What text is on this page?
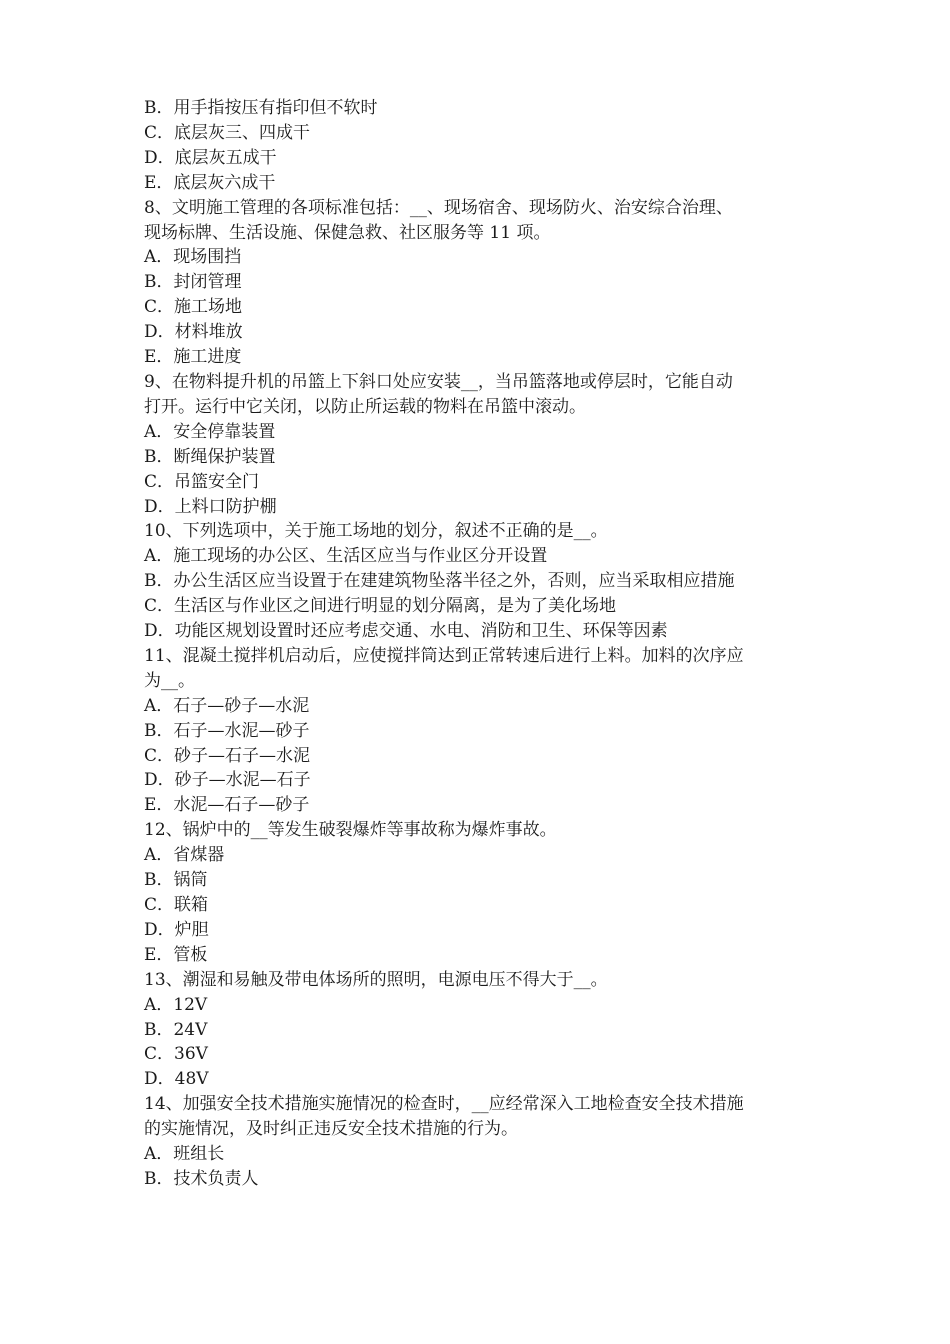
B．用手指按压有指印但不软时

C．底层灰三、四成干

D．底层灰五成干

E．底层灰六成干

8、文明施工管理的各项标准包括：__、现场宿舍、现场防火、治安综合治理、

现场标牌、生活设施、保健急救、社区服务等 11 项。

A．现场围挡

B．封闭管理

C．施工场地

D．材料堆放

E．施工进度

9、在物料提升机的吊篮上下斜口处应安装__，当吊篮落地或停层时，它能自动

打开。运行中它关闭，以防止所运载的物料在吊篮中滚动。

A．安全停靠装置

B．断绳保护装置

C．吊篮安全门

D．上料口防护棚

10、下列选项中，关于施工场地的划分，叙述不正确的是__。

A．施工现场的办公区、生活区应当与作业区分开设置

B．办公生活区应当设置于在建建筑物坠落半径之外，否则，应当采取相应措施

C．生活区与作业区之间进行明显的划分隔离，是为了美化场地

D．功能区规划设置时还应考虑交通、水电、消防和卫生、环保等因素

11、混凝土搅拌机启动后，应使搅拌筒达到正常转速后进行上料。加料的次序应

为__。

A．石子—砂子—水泥

B．石子—水泥—砂子

C．砂子—石子—水泥

D．砂子—水泥—石子

E．水泥—石子—砂子

12、锅炉中的__等发生破裂爆炸等事故称为爆炸事故。

A．省煤器

B．锅筒

C．联箱

D．炉胆

E．管板

13、潮湿和易触及带电体场所的照明，电源电压不得大于__。

A．12V

B．24V

C．36V

D．48V

14、加强安全技术措施实施情况的检查时，__应经常深入工地检查安全技术措施

的实施情况，及时纠正违反安全技术措施的行为。

A．班组长

B．技术负责人
